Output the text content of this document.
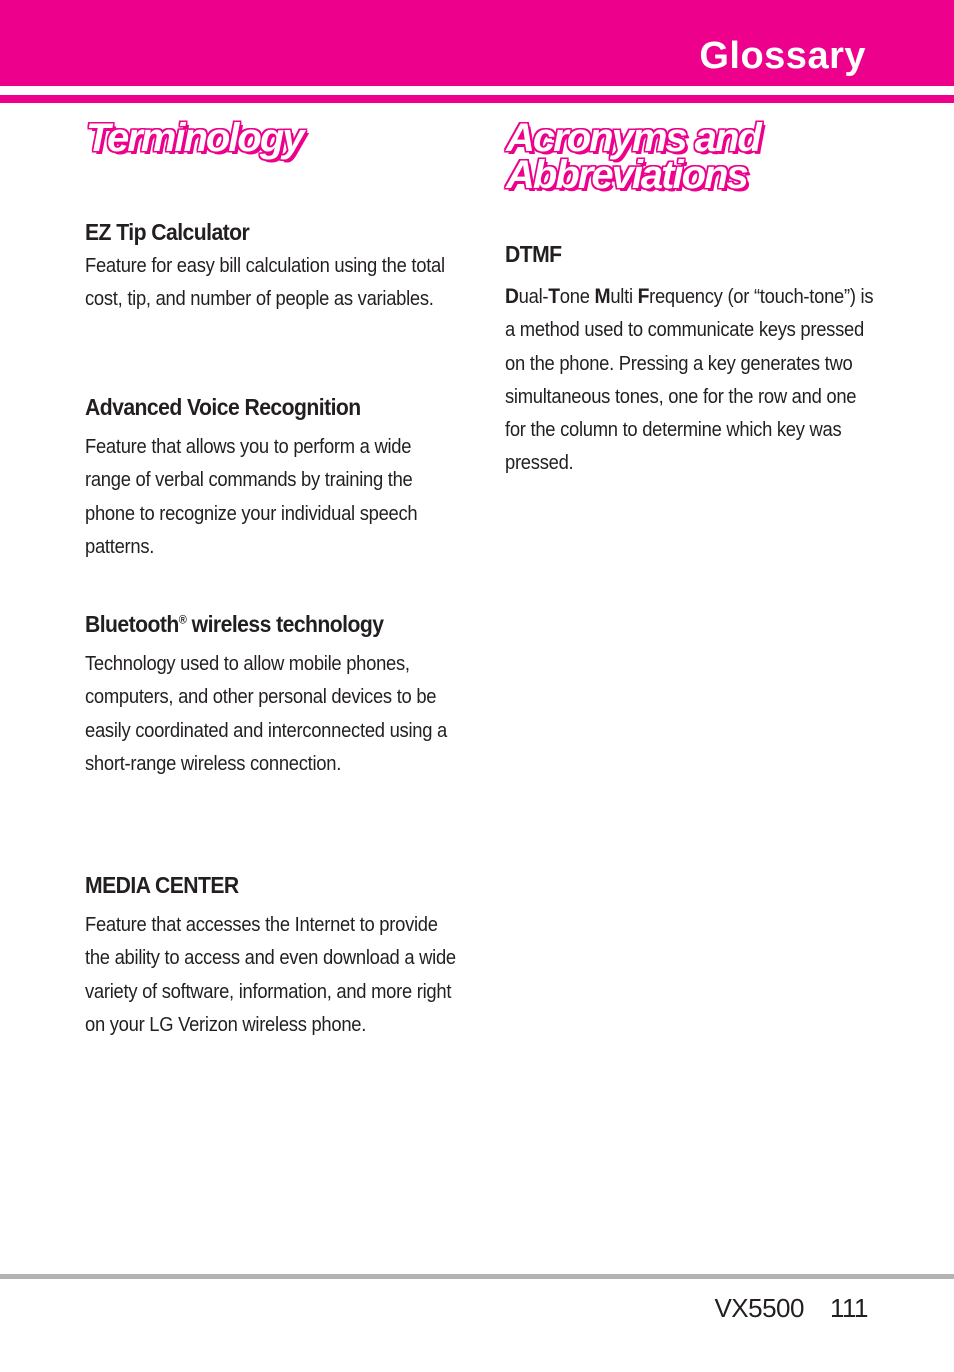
Glossary
Terminology	Acronyms and
Abbreviations
EZ Tip Calculator

Feature for easy bill calculation using the total cost, tip, and number of people as variables.

Advanced Voice Recognition

Feature that allows you to perform a wide range of verbal commands by training the phone to recognize your individual speech patterns.

Bluetooth® wireless technology

Technology used to allow mobile phones, computers, and other personal devices to be easily coordinated and interconnected using a short-range wireless connection.

MEDIA CENTER

Feature that accesses the Internet to provide the ability to access and even download a wide variety of software, information, and more right on your LG Verizon wireless phone.

DTMF

Dual-Tone Multi Frequency (or “touch-tone”) is a method used to communicate keys pressed on the phone. Pressing a key generates two simultaneous tones, one for the row and one for the column to determine which key was pressed.

VX5500 111
